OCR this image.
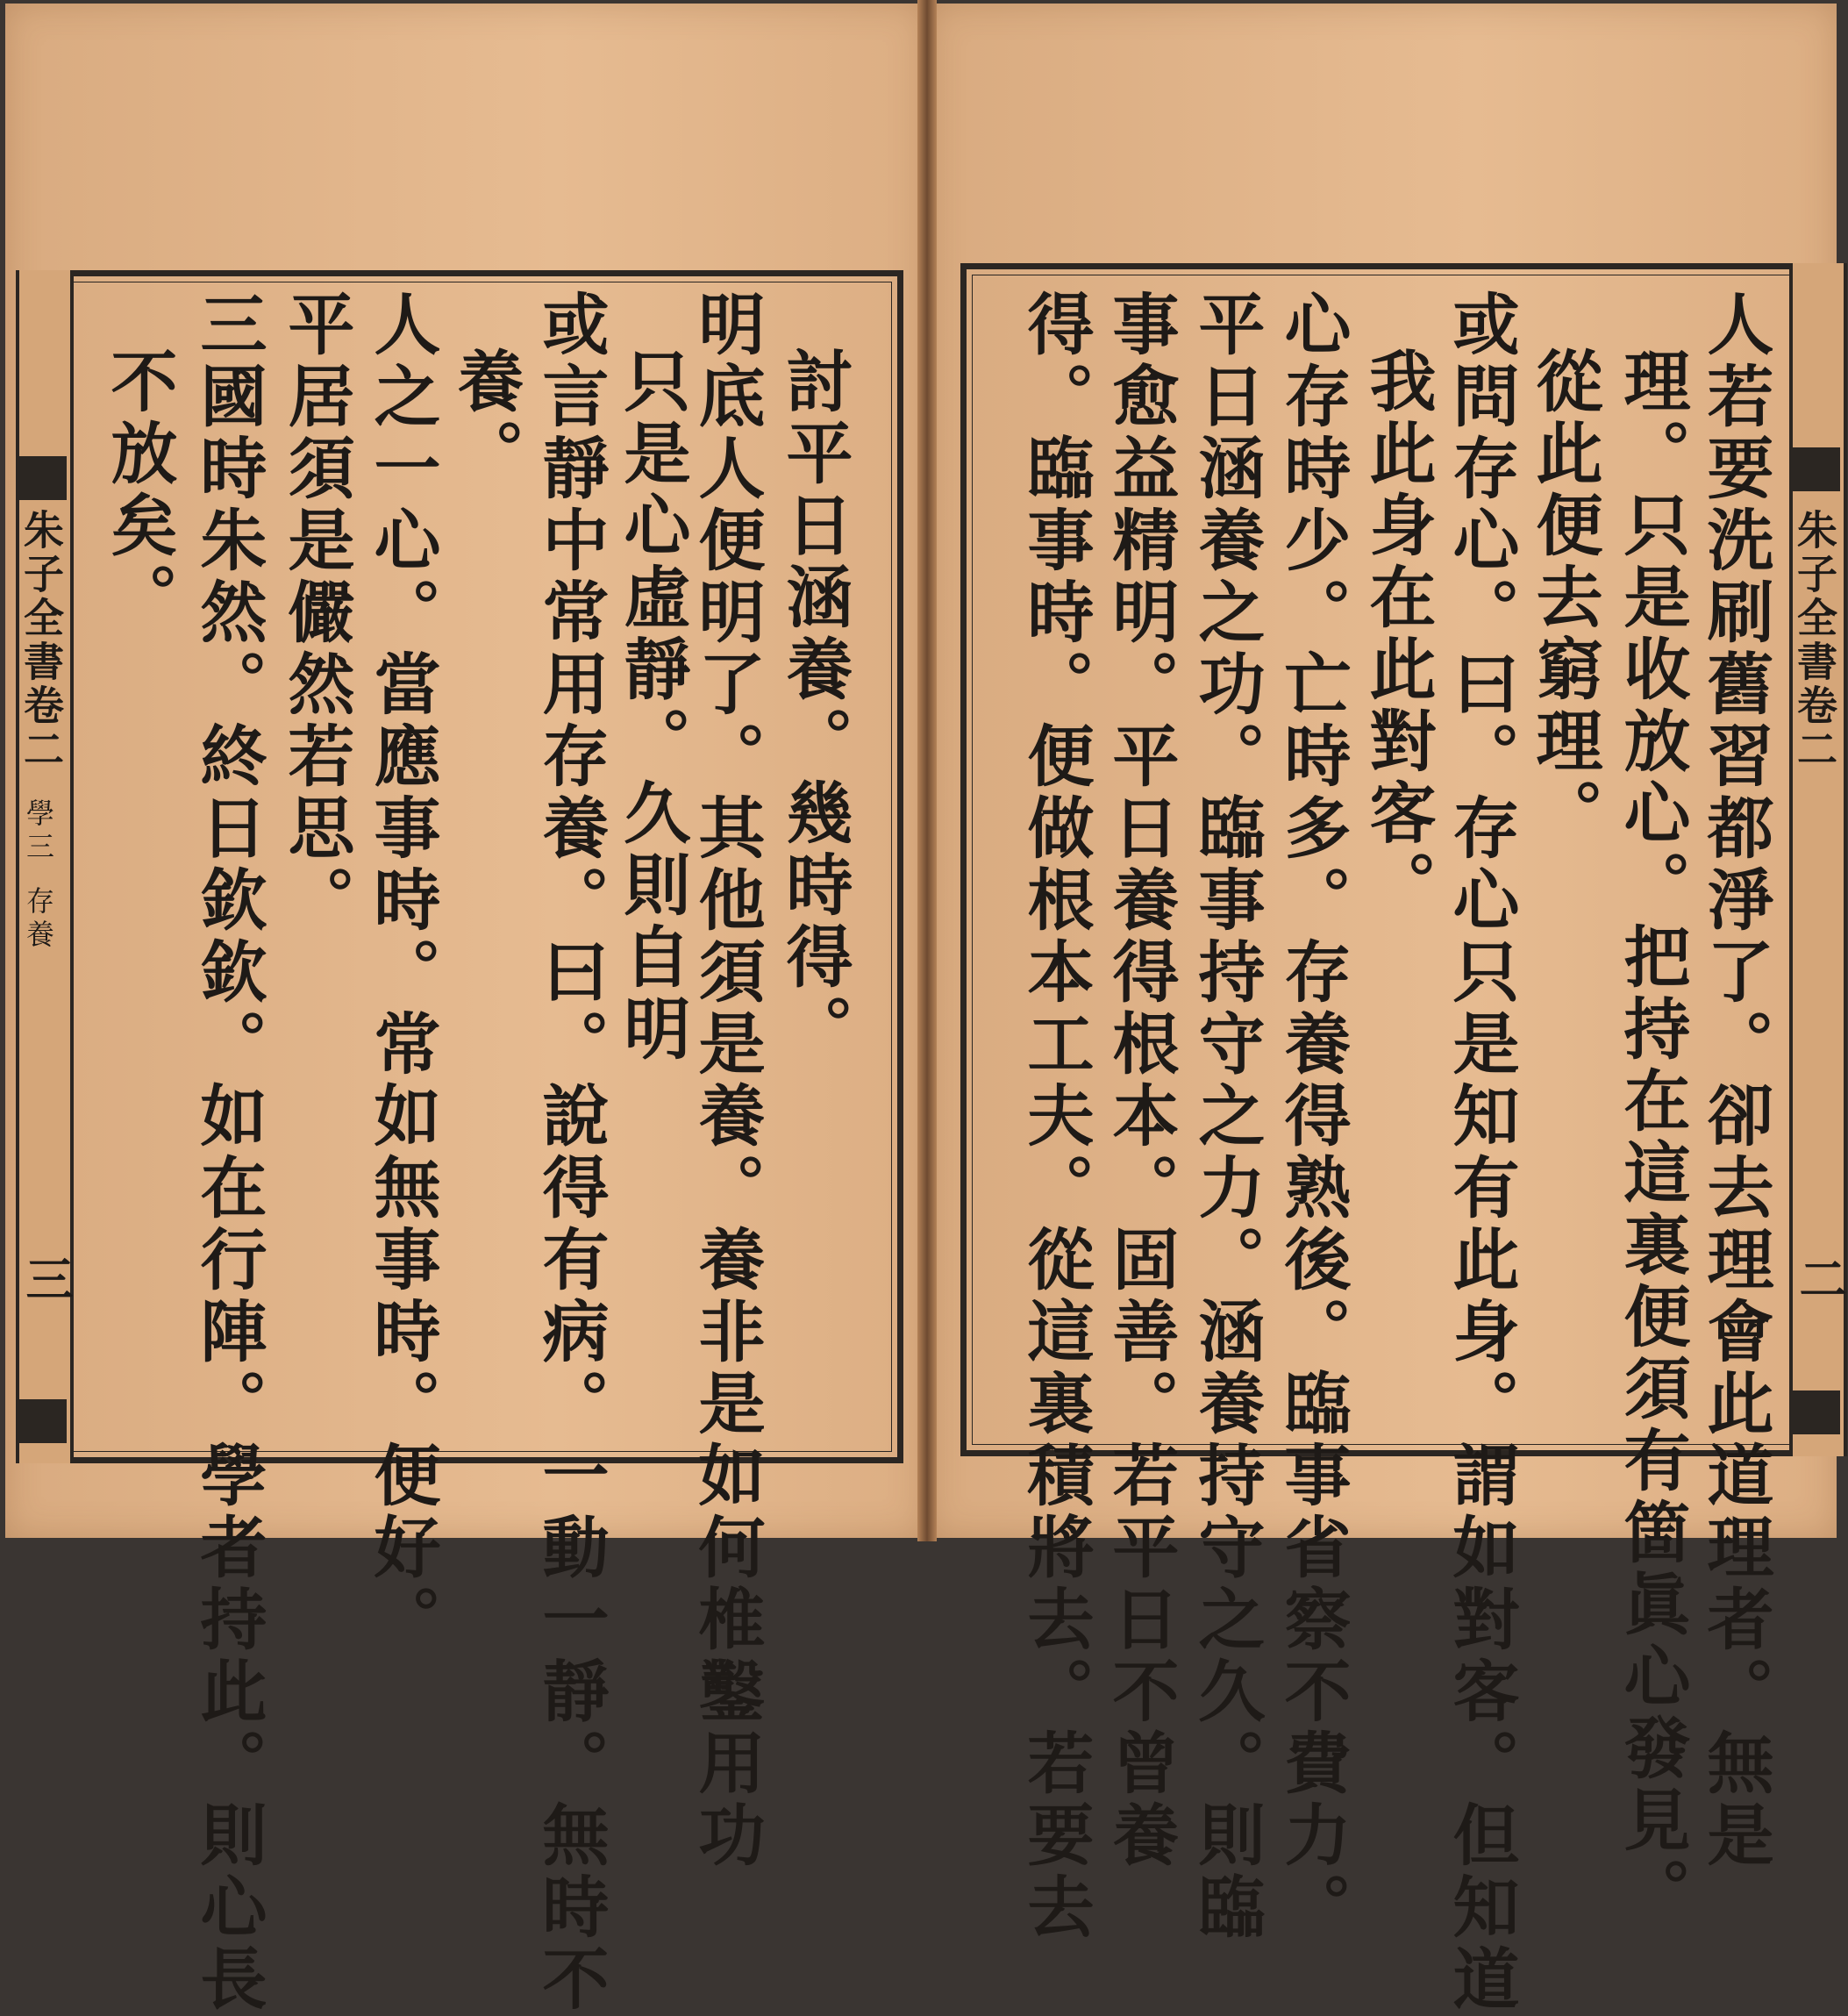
朱子全書卷二
學三
存養
三
朱子全書卷二
二
討平日涵養。幾時得。
明底人便明了。其他須是養。養非是如何椎鑿用功
只是心虛靜。久則自明
或言靜中常用存養。曰。說得有病。一動一靜。無時不
養。
人之一心。當應事時。常如無事時。便好。
平居須是儼然若思。
三國時朱然。終日欽欽。如在行陣。學者持此。則心長
不放矣。	人若要洗刷舊習都淨了。卻去理會此道理者。無是
理。只是收放心。把持在這裏便須有箇眞心發見。
從此便去窮理。
或問存心。曰。存心只是知有此身。謂如對客。但知道
我此身在此對客。
心存時少。亡時多。存養得熟後。臨事省察不費力。
平日涵養之功。臨事持守之力。涵養持守之久。則臨
事愈益精明。平日養得根本。固善。若平日不曾養
得。臨事時。便做根本工夫。從這裏積將去。若要去
